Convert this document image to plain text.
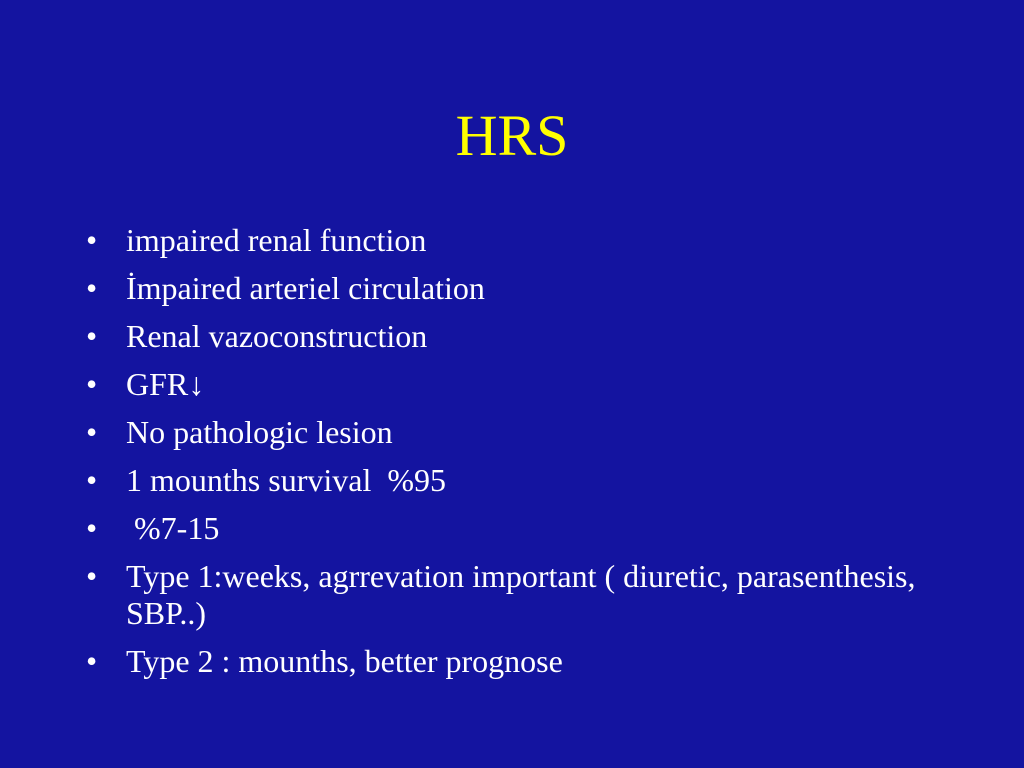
HRS
• impaired renal function
• İmpaired arteriel circulation
• Renal vazoconstruction
• GFR↓
• No pathologic lesion
• 1 mounths survival  %95
• %7-15
• Type 1:weeks, agrrevation important ( diuretic, parasenthesis, SBP..)
• Type 2 : mounths, better prognose
